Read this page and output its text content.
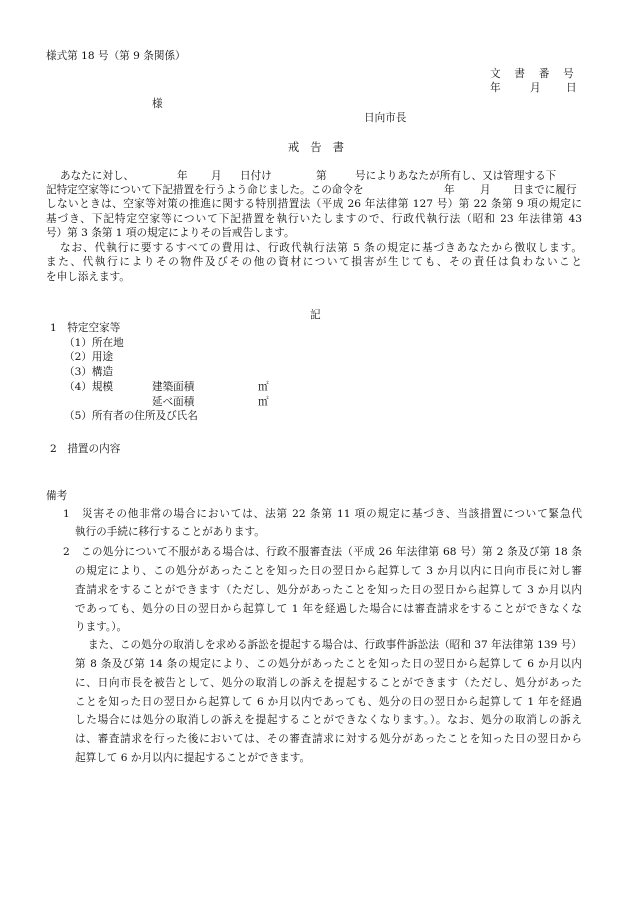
様式第 18 号（第 9 条関係）
文　書　番　号
年	月 日
様
日向市長
戒　告　書
あなたに対し、	年 月 日付け	第	号によりあなたが所有し、又は管理する下
記特定空家等について下記措置を行うよう命じました。この命令を	年 月 日までに履行
しないときは、空家等対策の推進に関する特別措置法（平成 26 年法律第 127 号）第 22 条第 9 項の規定に
基づき、下記特定空家等について下記措置を執行いたしますので、行政代執行法（昭和 23 年法律第 43
号）第 3 条第 1 項の規定によりその旨戒告します。
なお、代執行に要するすべての費用は、行政代執行法第 5 条の規定に基づきあなたから徴収します。
また、代執行によりその物件及びその他の資材について損害が生じても、その責任は負わないこと
を申し添えます。
記
1　特定空家等
（1）所在地
（2）用途
（3）構造
（4）規模	建築面積	㎡
延べ面積	㎡
（5）所有者の住所及び氏名
2　措置の内容
備考
1　災害その他非常の場合においては、法第 22 条第 11 項の規定に基づき、当該措置について緊急代
執行の手続に移行することがあります。
2　この処分について不服がある場合は、行政不服審査法（平成 26 年法律第 68 号）第 2 条及び第 18 条
の規定により、この処分があったことを知った日の翌日から起算して 3 か月以内に日向市長に対し審
査請求をすることができます（ただし、処分があったことを知った日の翌日から起算して 3 か月以内
であっても、処分の日の翌日から起算して 1 年を経過した場合には審査請求をすることができなくな
ります。）。
また、この処分の取消しを求める訴訟を提起する場合は、行政事件訴訟法（昭和 37 年法律第 139 号）
第 8 条及び第 14 条の規定により、この処分があったことを知った日の翌日から起算して 6 か月以内
に、日向市長を被告として、処分の取消しの訴えを提起することができます（ただし、処分があった
ことを知った日の翌日から起算して 6 か月以内であっても、処分の日の翌日から起算して 1 年を経過
した場合には処分の取消しの訴えを提起することができなくなります。）。なお、処分の取消しの訴え
は、審査請求を行った後においては、その審査請求に対する処分があったことを知った日の翌日から
起算して 6 か月以内に提起することができます。
